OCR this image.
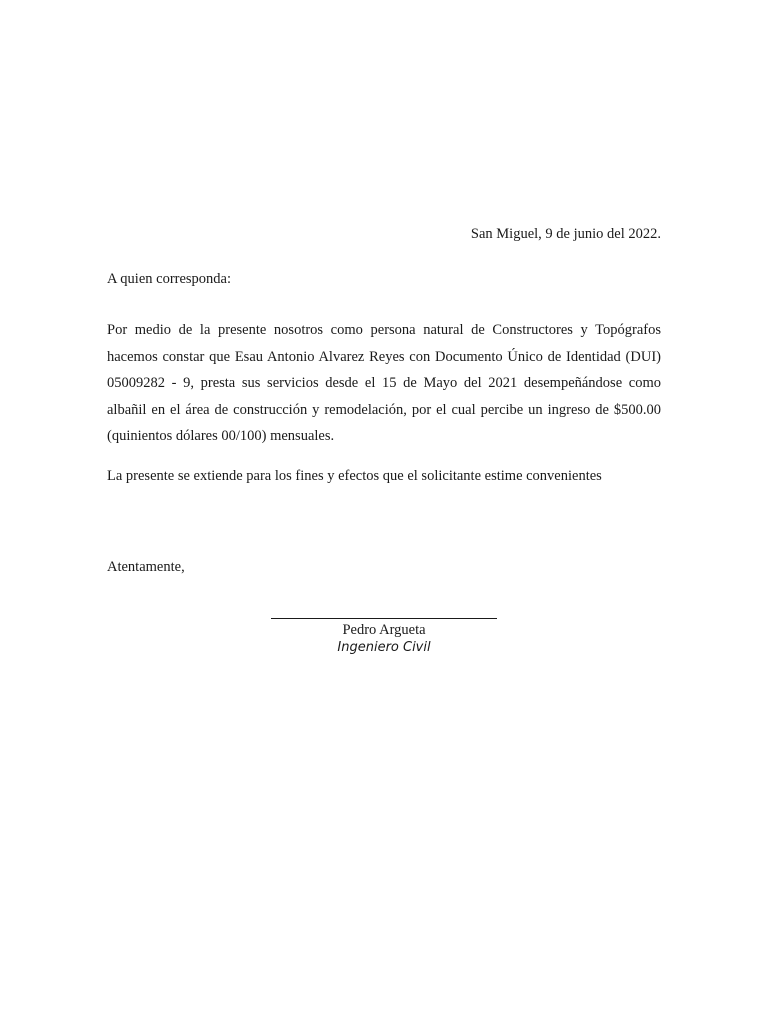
San Miguel, 9 de junio del 2022.
A quien corresponda:

Por medio de la presente nosotros como persona natural de Constructores y Topógrafos hacemos constar que Esau Antonio Alvarez Reyes con Documento Único de Identidad (DUI) 05009282 - 9, presta sus servicios desde el 15 de Mayo del 2021 desempeñándose como albañil en el área de construcción y remodelación, por el cual percibe un ingreso de $500.00 (quinientos dólares 00/100) mensuales.

La presente se extiende para los fines y efectos que el solicitante estime convenientes

Atentamente,
Pedro Argueta
Ingeniero Civil
